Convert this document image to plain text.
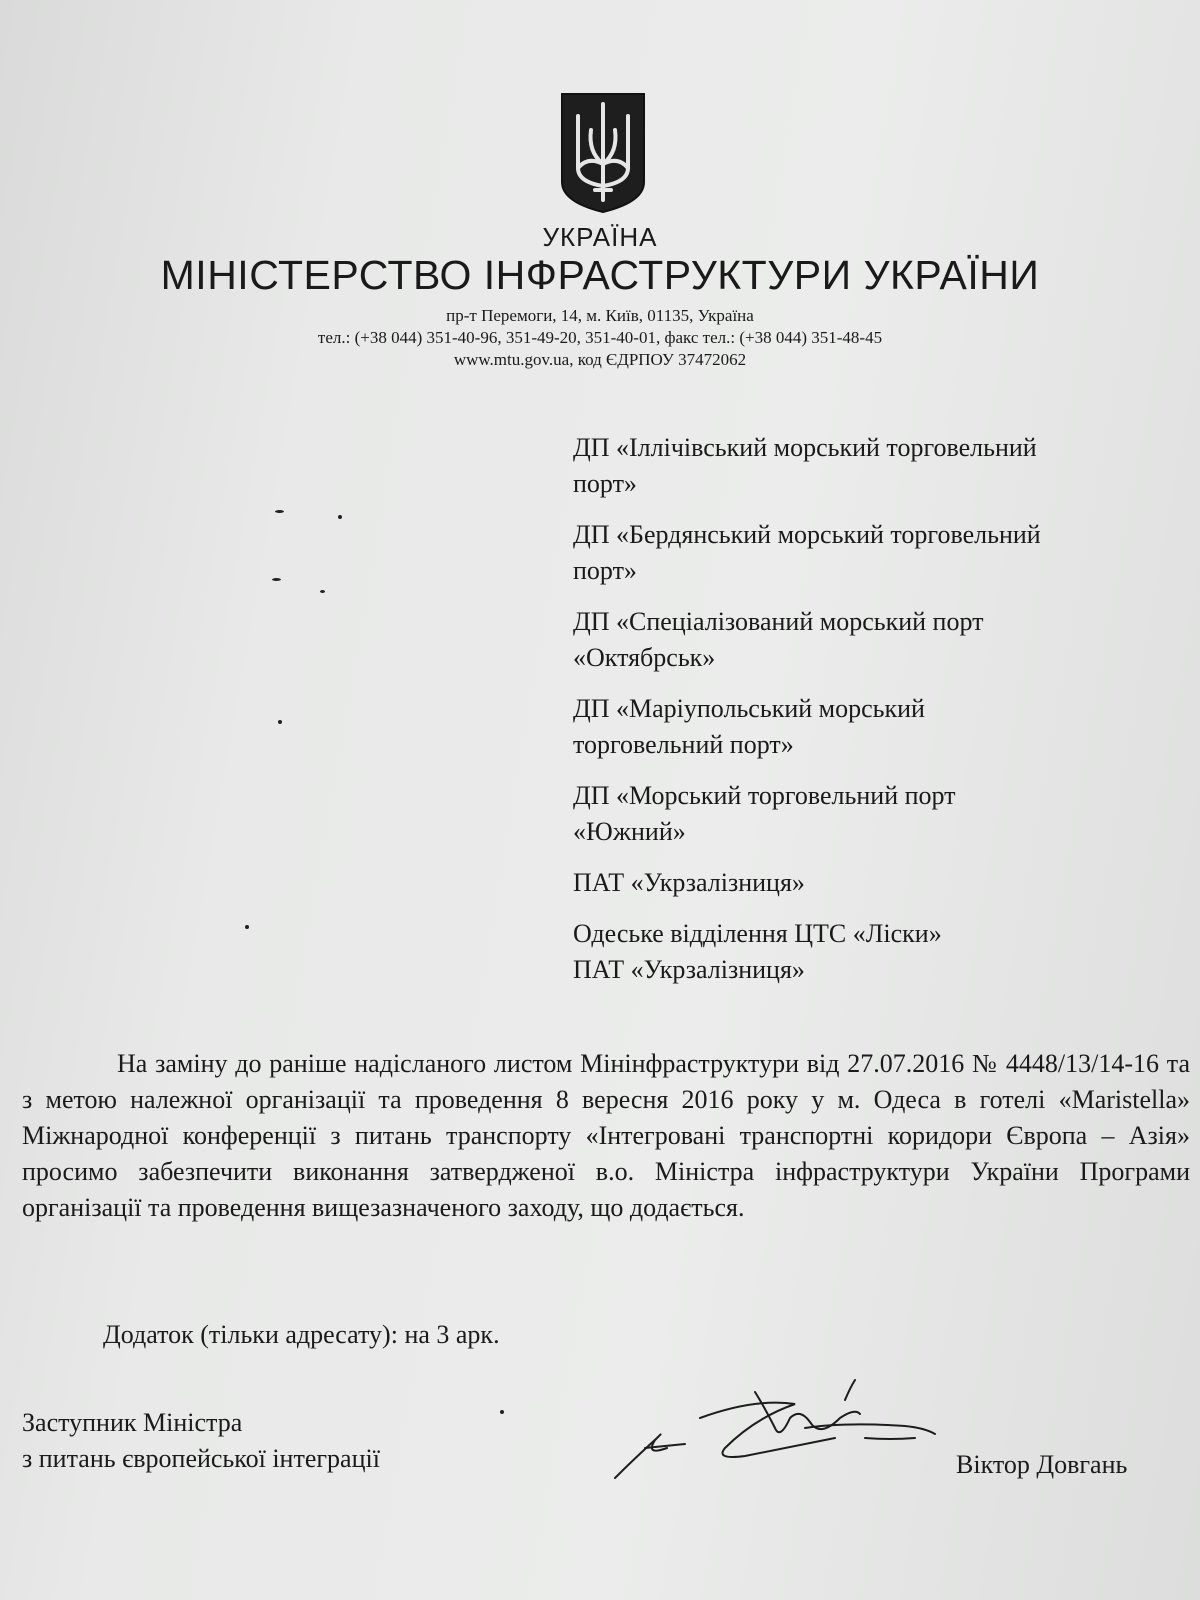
УКРАЇНА
МІНІСТЕРСТВО ІНФРАСТРУКТУРИ УКРАЇНИ
пр-т Перемоги, 14, м. Київ, 01135, Україна
тел.: (+38 044) 351-40-96, 351-49-20, 351-40-01, факс тел.: (+38 044) 351-48-45
www.mtu.gov.ua, код ЄДРПОУ 37472062
ДП «Іллічівський морський торговельний
порт»
ДП «Бердянський морський торговельний
порт»
ДП «Спеціалізований морський порт
«Октябрськ»
ДП «Маріупольський морський
торговельний порт»
ДП «Морський торговельний порт
«Южний»
ПАТ «Укрзалізниця»
Одеське відділення ЦТС «Ліски»
ПАТ «Укрзалізниця»

На заміну до раніше надісланого листом Мінінфраструктури від 27.07.2016 № 4448/13/14-16 та з метою належної організації та проведення 8 вересня 2016 року у м. Одеса в готелі «Maristella» Міжнародної конференції з питань транспорту «Інтегровані транспортні коридори Європа – Азія» просимо забезпечити виконання затвердженої в.о. Міністра інфраструктури України Програми організації та проведення вищезазначеного заходу, що додається.

Додаток (тільки адресату): на 3 арк.
Заступник Міністра
з питань європейської інтеграції	Віктор Довгань
